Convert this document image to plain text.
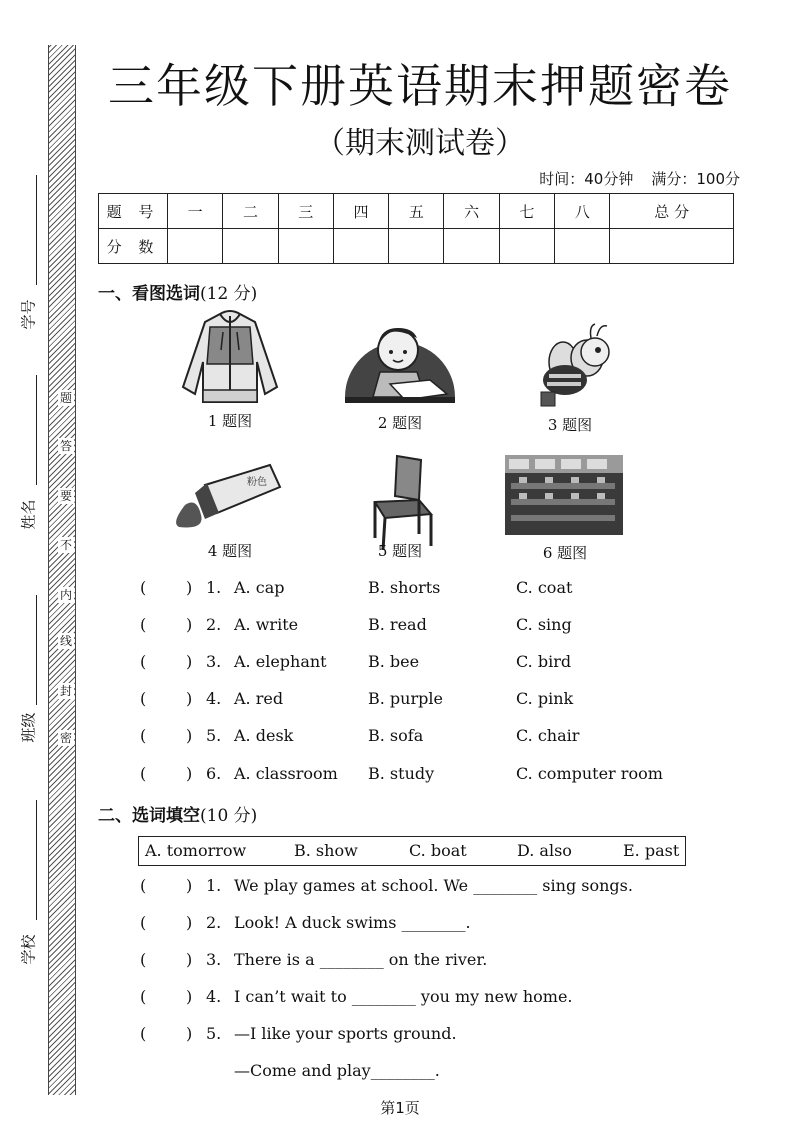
学号
姓名
班级
学校
题
答
要
不
内
线
封
密
三年级下册英语期末押题密卷
（期末测试卷）
时间：40分钟 满分：100分
题 号	一	二	三	四	五	六	七	八	总 分
分 数									
一、看图选词(12 分)
1 题图	2 题图	3 题图
粉色
4 题图	5 题图	6 题图
( ) 1. A. cap	B. shorts	C. coat
( ) 2. A. write	B. read	C. sing
( ) 3. A. elephant	B. bee	C. bird
( ) 4. A. red	B. purple	C. pink
( ) 5. A. desk	B. sofa	C. chair
( ) 6. A. classroom B. study	C. computer room
二、选词填空(10 分)
A. tomorrow	B. show	C. boat	D. also	E. past
( ) 1. We play games at school. We ________ sing songs.
( ) 2. Look! A duck swims ________.
( ) 3. There is a ________ on the river.
( ) 4. I can’t wait to ________ you my new home.
( ) 5. —I like your sports ground.
—Come and play________.
第1页
